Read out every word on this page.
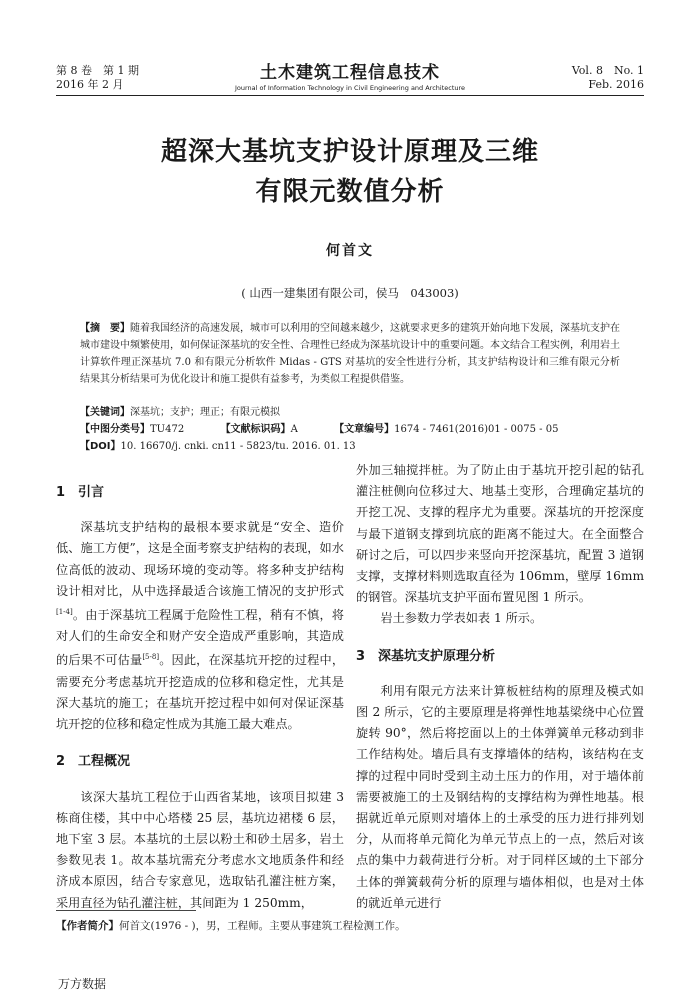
第 8 卷　第 1 期
2016 年 2 月
土木建筑工程信息技术
Journal of Information Technology in Civil Engineering and Architecture
Vol. 8　No. 1
Feb. 2016
超深大基坑支护设计原理及三维
有限元数值分析
何首文
( 山西一建集团有限公司，侯马　043003)
【摘　要】随着我国经济的高速发展，城市可以利用的空间越来越少，这就要求更多的建筑开始向地下发展，深基坑支护在城市建设中频繁使用，如何保证深基坑的安全性、合理性已经成为深基坑设计中的重要问题。本文结合工程实例，利用岩土计算软件理正深基坑 7.0 和有限元分析软件 Midas - GTS 对基坑的安全性进行分析，其支护结构设计和三维有限元分析结果其分析结果可为优化设计和施工提供有益参考，为类似工程提供借鉴。
【关键词】深基坑；支护；理正；有限元模拟
【中图分类号】TU472	【文献标识码】A	【文章编号】1674 - 7461(2016)01 - 0075 - 05
【DOI】10. 16670/j. cnki. cn11 - 5823/tu. 2016. 01. 13
1　引言

深基坑支护结构的最根本要求就是“安全、造价低、施工方便”，这是全面考察支护结构的表现，如水位高低的波动、现场环境的变动等。将多种支护结构设计相对比，从中选择最适合该施工情况的支护形式[1-4]。由于深基坑工程属于危险性工程，稍有不慎，将对人们的生命安全和财产安全造成严重影响，其造成的后果不可估量[5-8]。因此，在深基坑开挖的过程中，需要充分考虑基坑开挖造成的位移和稳定性，尤其是深大基坑的施工；在基坑开挖过程中如何对保证深基坑开挖的位移和稳定性成为其施工最大难点。

2　工程概况

该深大基坑工程位于山西省某地，该项目拟建 3 栋商住楼，其中中心塔楼 25 层，基坑边裙楼 6 层，地下室 3 层。本基坑的土层以粉土和砂土居多，岩土参数见表 1。故本基坑需充分考虑水文地质条件和经济成本原因，结合专家意见，选取钻孔灌注桩方案，采用直径为钻孔灌注桩，其间距为 1 250mm，

外加三轴搅拌桩。为了防止由于基坑开挖引起的钻孔灌注桩侧向位移过大、地基土变形，合理确定基坑的开挖工况、支撑的程序尤为重要。深基坑的开挖深度与最下道钢支撑到坑底的距离不能过大。在全面整合研讨之后，可以四步来竖向开挖深基坑，配置 3 道钢支撑，支撑材料则选取直径为 106mm，壁厚 16mm 的钢管。深基坑支护平面布置见图 1 所示。

岩土参数力学表如表 1 所示。

3　深基坑支护原理分析

利用有限元方法来计算板桩结构的原理及模式如图 2 所示，它的主要原理是将弹性地基梁绕中心位置旋转 90°，然后将挖面以上的土体弹簧单元移动到非工作结构处。墙后具有支撑墙体的结构，该结构在支撑的过程中同时受到主动土压力的作用，对于墙体前需要被施工的土及钢结构的支撑结构为弹性地基。根据就近单元原则对墙体上的土承受的压力进行排列划分，从而将单元简化为单元节点上的一点，然后对该点的集中力载荷进行分析。对于同样区域的土下部分土体的弹簧载荷分析的原理与墙体相似，也是对土体的就近单元进行

【作者简介】何首文(1976 - )，男，工程师。主要从事建筑工程检测工作。
万方数据
